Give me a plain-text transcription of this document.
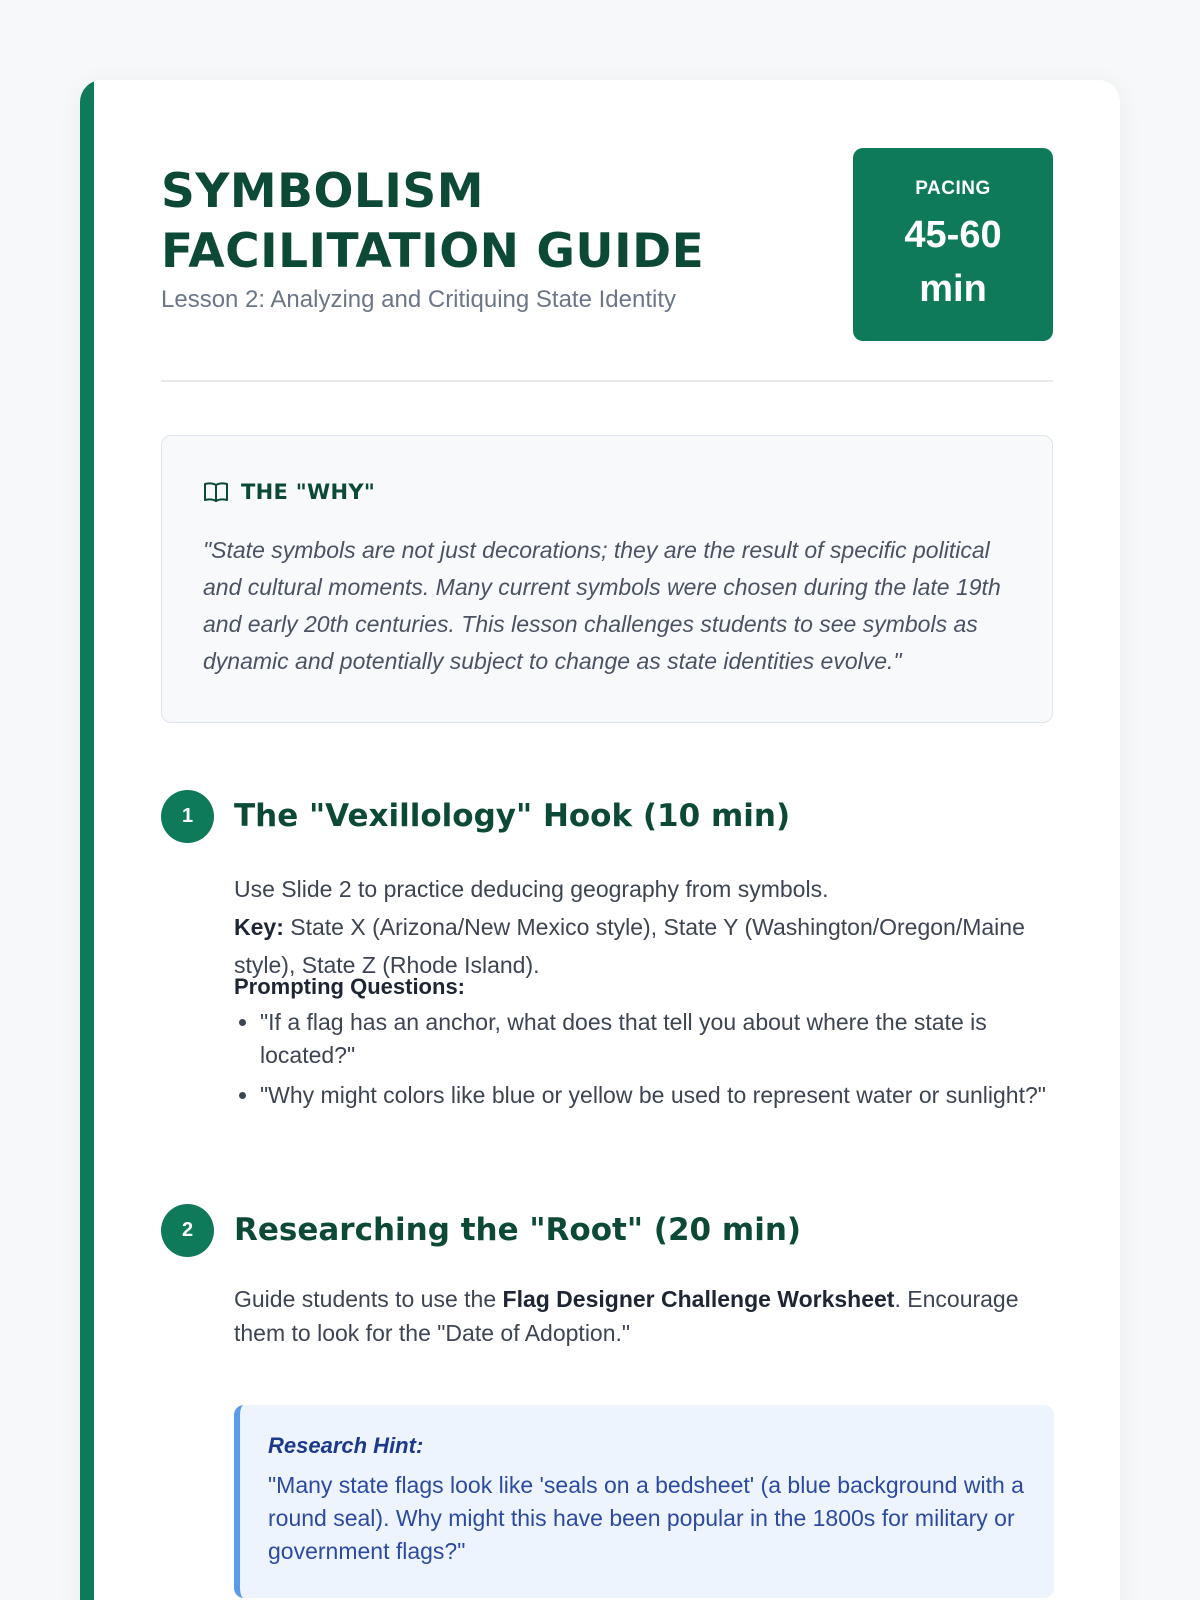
SYMBOLISM FACILITATION GUIDE
Lesson 2: Analyzing and Critiquing State Identity
PACING
45-60 min
THE "WHY"
"State symbols are not just decorations; they are the result of specific political and cultural moments. Many current symbols were chosen during the late 19th and early 20th centuries. This lesson challenges students to see symbols as dynamic and potentially subject to change as state identities evolve."
1	The "Vexillology" Hook (10 min)

Use Slide 2 to practice deducing geography from symbols.

Key: State X (Arizona/New Mexico style), State Y (Washington/Oregon/Maine style), State Z (Rhode Island).

Prompting Questions:
• "If a flag has an anchor, what does that tell you about where the state is located?"
• "Why might colors like blue or yellow be used to represent water or sunlight?"
2	Researching the "Root" (20 min)

Guide students to use the Flag Designer Challenge Worksheet. Encourage them to look for the "Date of Adoption."

Research Hint:
"Many state flags look like 'seals on a bedsheet' (a blue background with a round seal). Why might this have been popular in the 1800s for military or government flags?"
